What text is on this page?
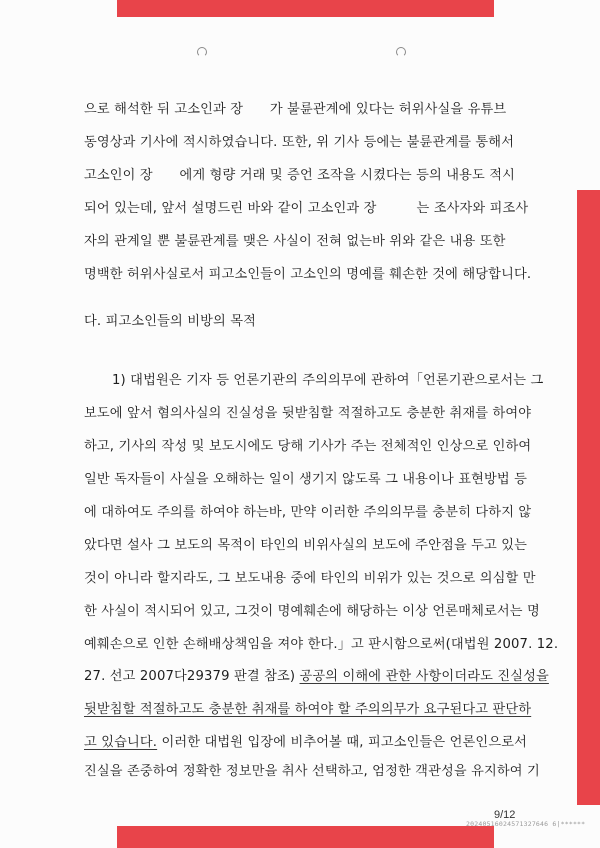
으로 해석한 뒤 고소인과 장　　가 불륜관계에 있다는 허위사실을 유튜브
동영상과 기사에 적시하였습니다. 또한, 위 기사 등에는 불륜관계를 통해서
고소인이 장　　에게 형량 거래 및 증언 조작을 시켰다는 등의 내용도 적시
되어 있는데, 앞서 설명드린 바와 같이 고소인과 장　　　는 조사자와 피조사
자의 관계일 뿐 불륜관계를 맺은 사실이 전혀 없는바 위와 같은 내용 또한
명백한 허위사실로서 피고소인들이 고소인의 명예를 훼손한 것에 해당합니다.
다. 피고소인들의 비방의 목적
1) 대법원은 기자 등 언론기관의 주의의무에 관하여「언론기관으로서는 그
보도에 앞서 혐의사실의 진실성을 뒷받침할 적절하고도 충분한 취재를 하여야
하고, 기사의 작성 및 보도시에도 당해 기사가 주는 전체적인 인상으로 인하여
일반 독자들이 사실을 오해하는 일이 생기지 않도록 그 내용이나 표현방법 등
에 대하여도 주의를 하여야 하는바, 만약 이러한 주의의무를 충분히 다하지 않
았다면 설사 그 보도의 목적이 타인의 비위사실의 보도에 주안점을 두고 있는
것이 아니라 할지라도, 그 보도내용 중에 타인의 비위가 있는 것으로 의심할 만
한 사실이 적시되어 있고, 그것이 명예훼손에 해당하는 이상 언론매체로서는 명
예훼손으로 인한 손해배상책임을 져야 한다.」고 판시함으로써(대법원 2007. 12.
27. 선고 2007다29379 판결 참조) 공공의 이해에 관한 사항이더라도 진실성을
뒷받침할 적절하고도 충분한 취재를 하여야 할 주의의무가 요구된다고 판단하
고 있습니다. 이러한 대법원 입장에 비추어볼 때, 피고소인들은 언론인으로서
진실을 존중하여 정확한 정보만을 취사 선택하고, 엄정한 객관성을 유지하여 기
9/12
20240516024571327646 6|******
